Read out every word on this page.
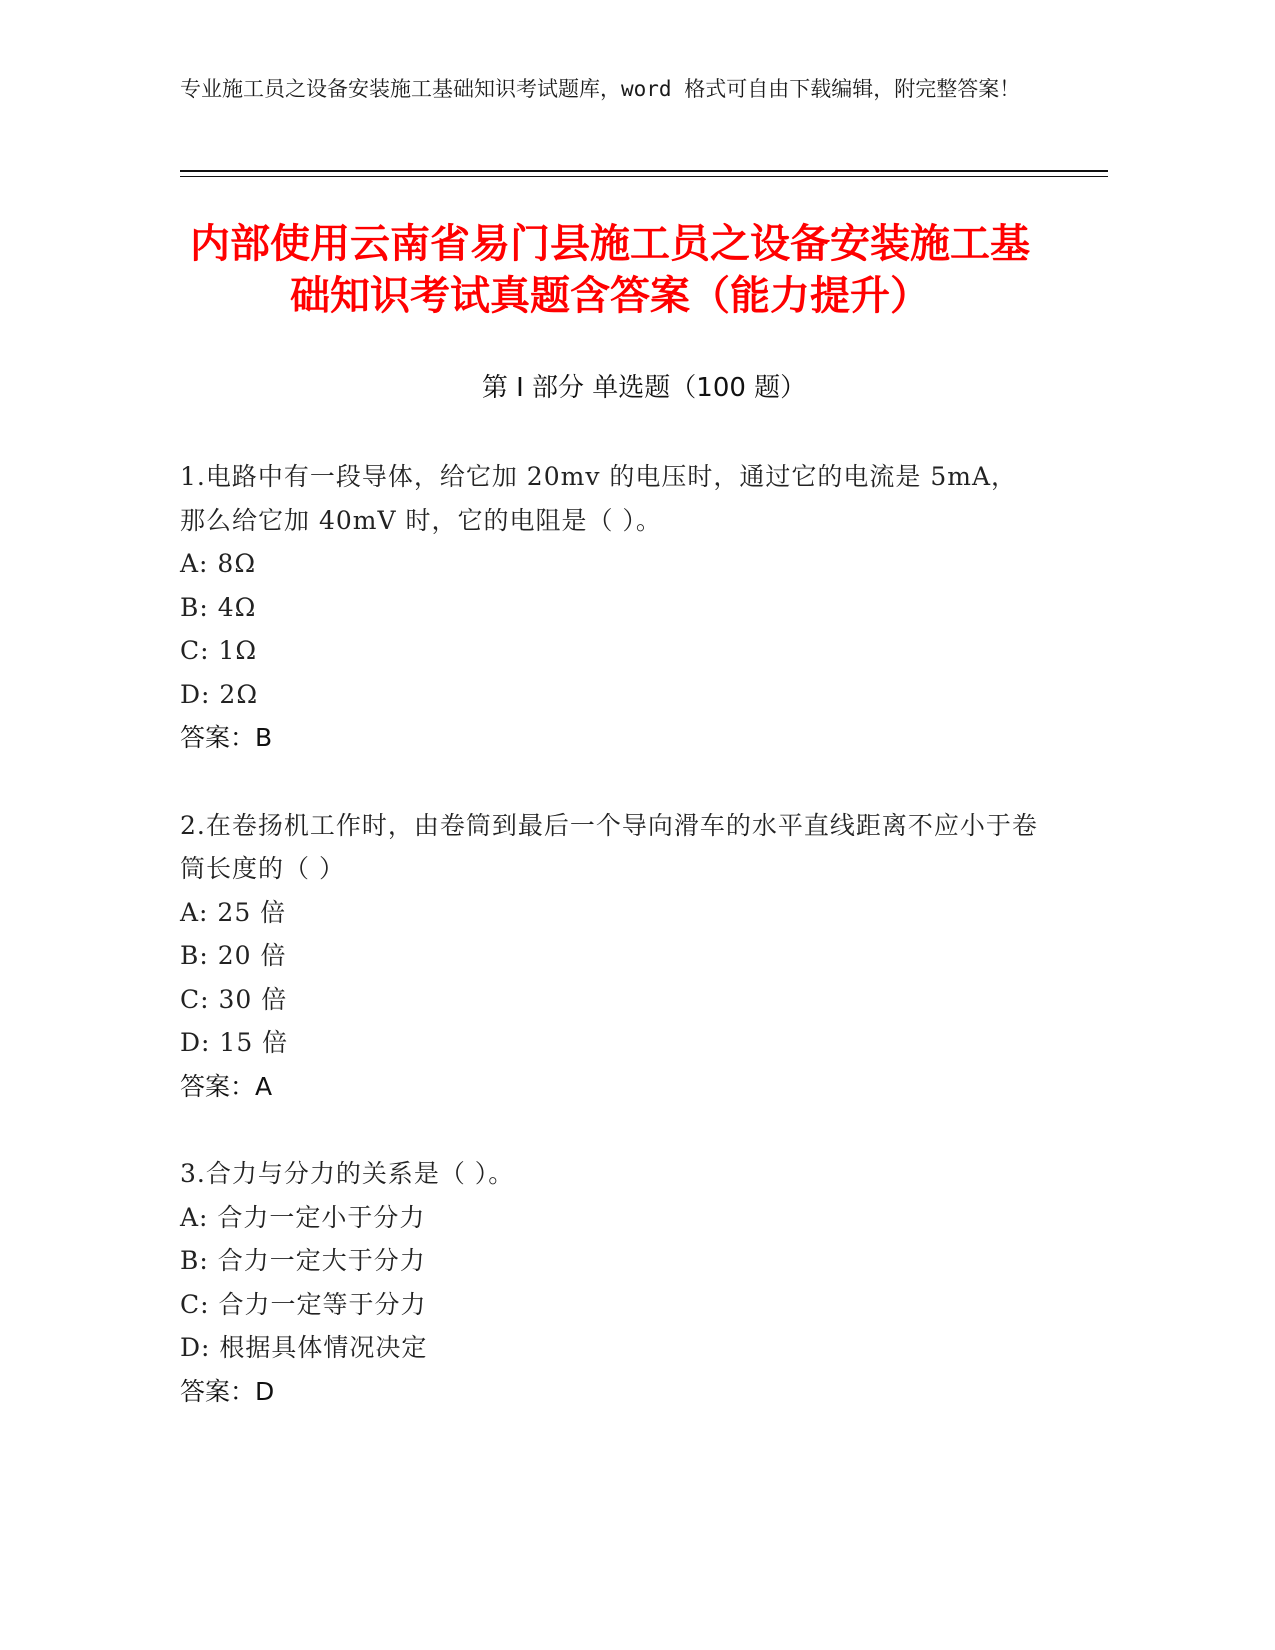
专业施工员之设备安装施工基础知识考试题库，word 格式可自由下载编辑，附完整答案！
内部使用云南省易门县施工员之设备安装施工基础知识考试真题含答案（能力提升）
第 I 部分 单选题（100 题）

1.电路中有一段导体，给它加 20mv 的电压时，通过它的电流是 5mA，那么给它加 40mV 时，它的电阻是（ ）。

A: 8Ω

B: 4Ω

C: 1Ω

D: 2Ω

答案：B

2.在卷扬机工作时，由卷筒到最后一个导向滑车的水平直线距离不应小于卷筒长度的（ ）

A: 25 倍

B: 20 倍

C: 30 倍

D: 15 倍

答案：A

3.合力与分力的关系是（ ）。

A: 合力一定小于分力

B: 合力一定大于分力

C: 合力一定等于分力

D: 根据具体情况决定

答案：D
